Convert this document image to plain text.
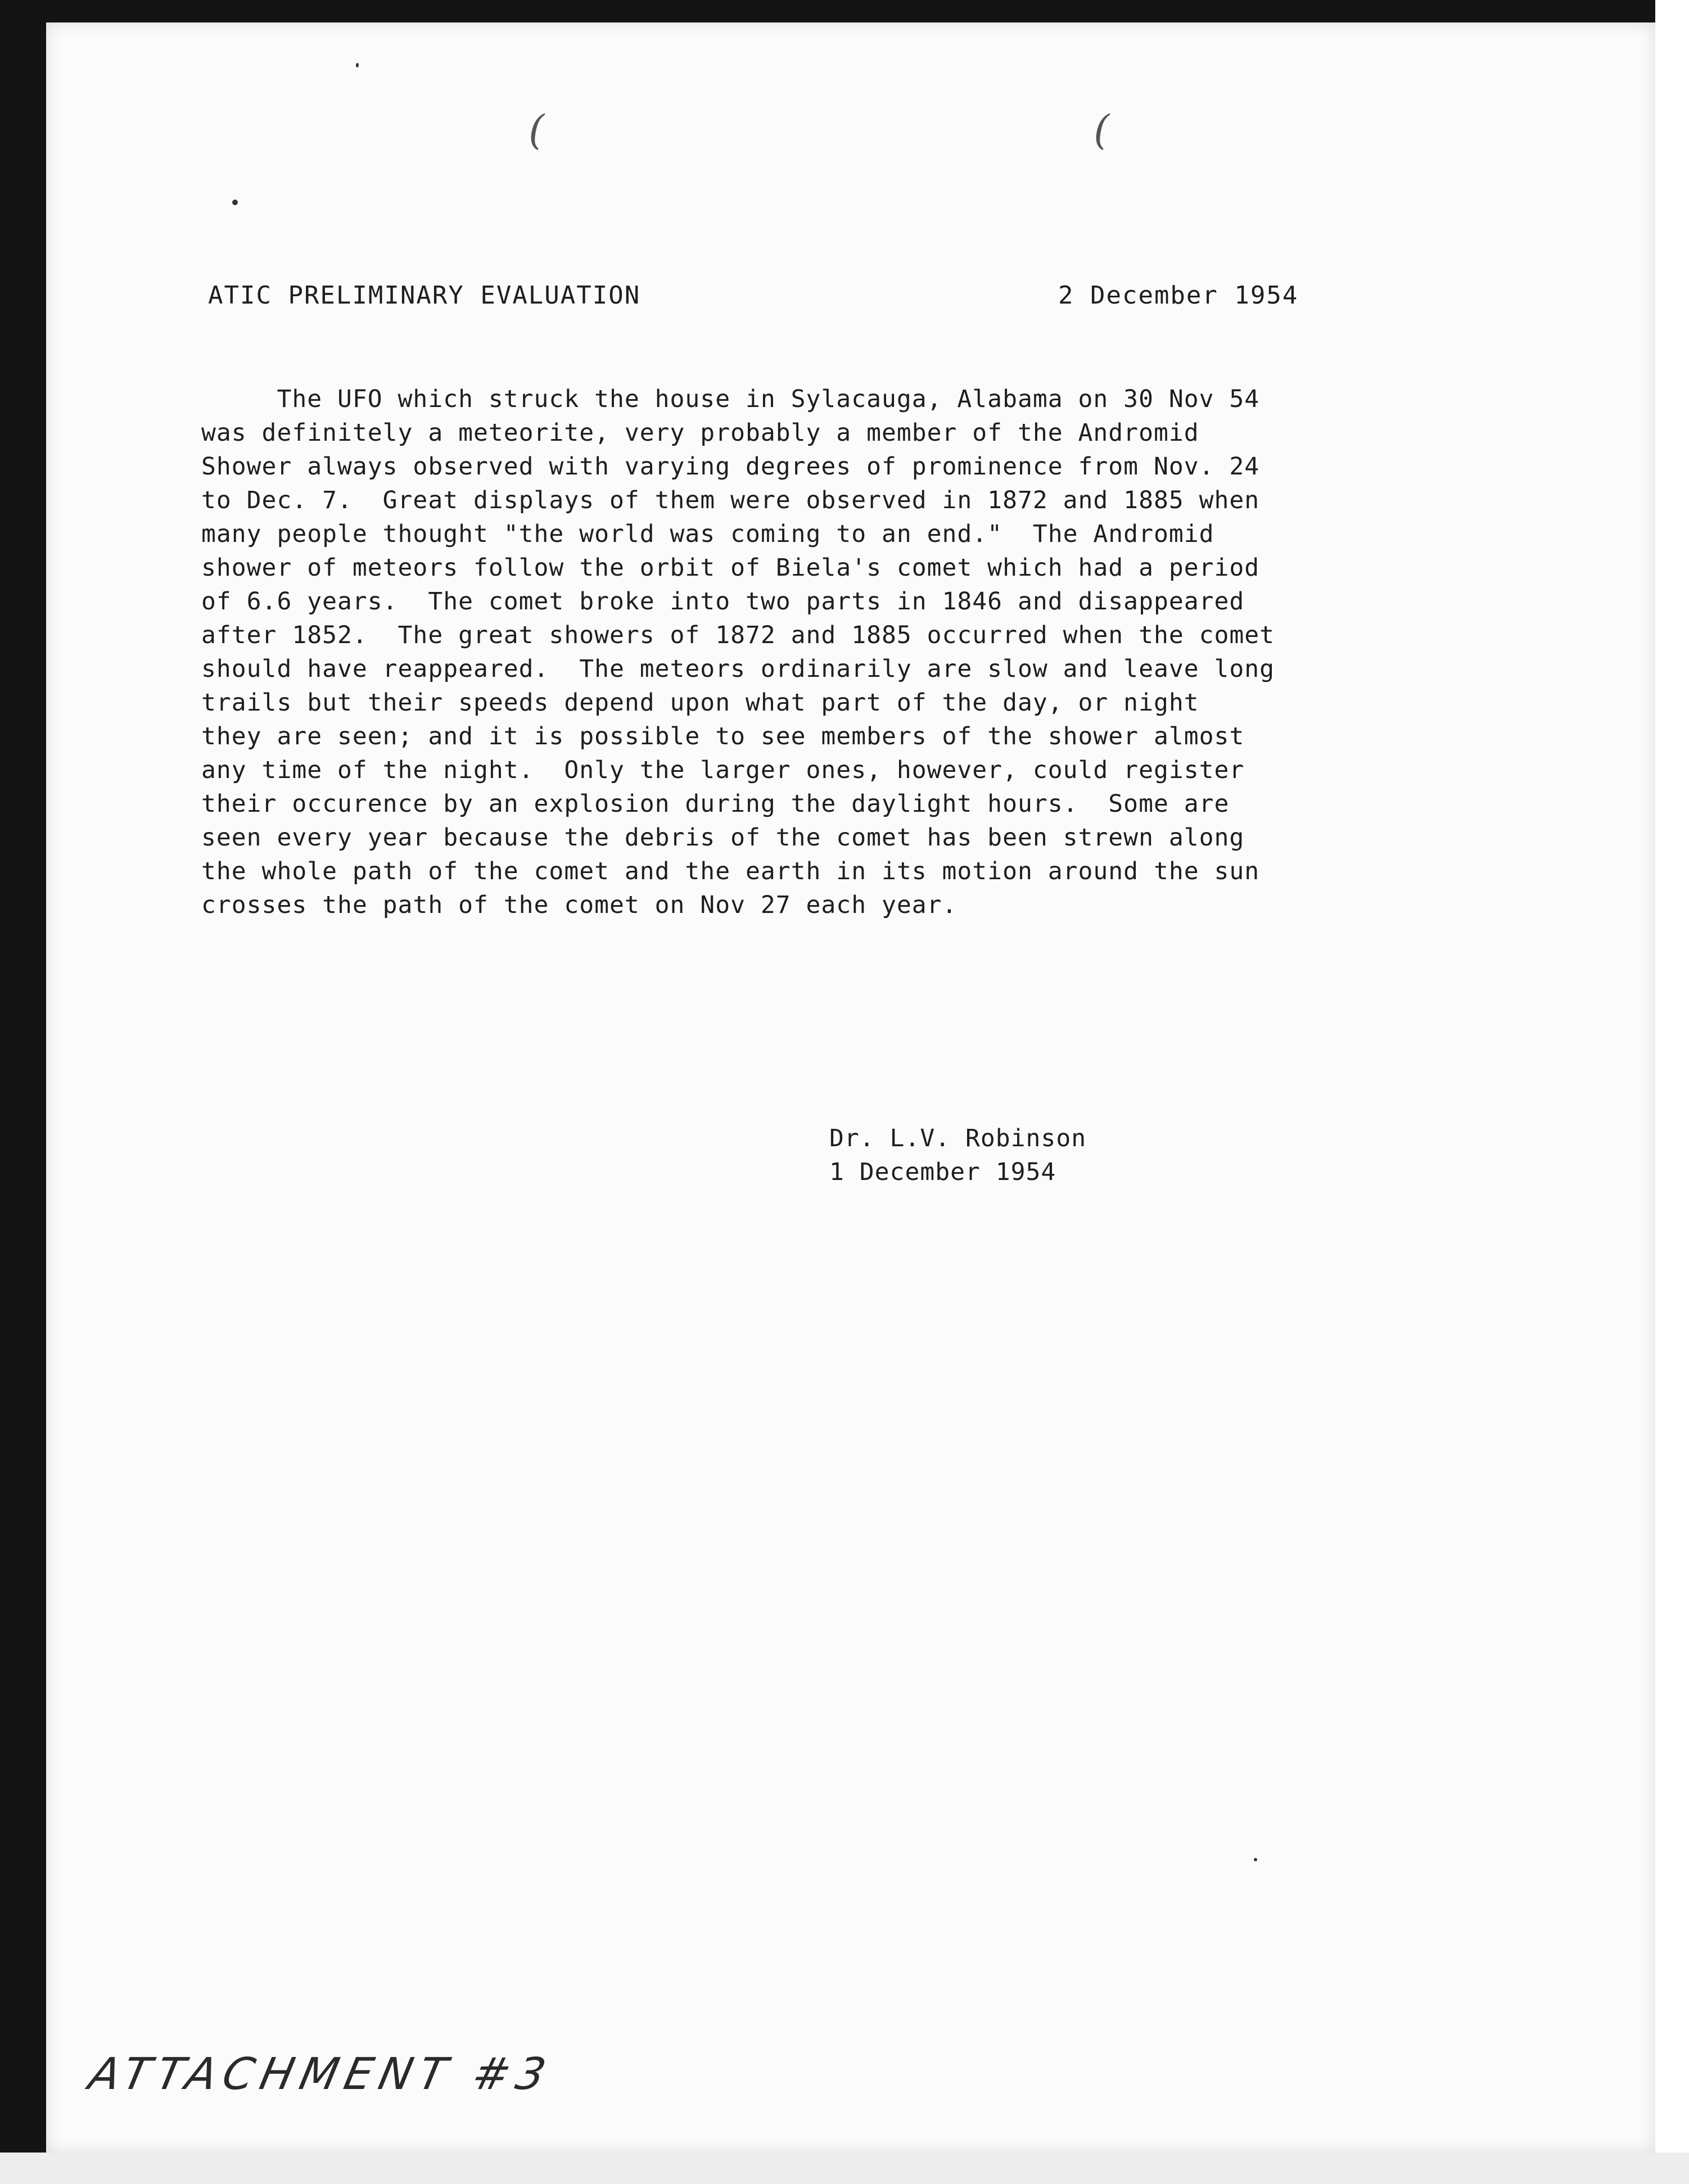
(	(
ATIC PRELIMINARY EVALUATION	2 December 1954
The UFO which struck the house in Sylacauga, Alabama on 30 Nov 54
was definitely a meteorite, very probably a member of the Andromid
Shower always observed with varying degrees of prominence from Nov. 24
to Dec. 7.  Great displays of them were observed in 1872 and 1885 when
many people thought "the world was coming to an end."  The Andromid
shower of meteors follow the orbit of Biela's comet which had a period
of 6.6 years.  The comet broke into two parts in 1846 and disappeared
after 1852.  The great showers of 1872 and 1885 occurred when the comet
should have reappeared.  The meteors ordinarily are slow and leave long
trails but their speeds depend upon what part of the day, or night
they are seen; and it is possible to see members of the shower almost
any time of the night.  Only the larger ones, however, could register
their occurence by an explosion during the daylight hours.  Some are
seen every year because the debris of the comet has been strewn along
the whole path of the comet and the earth in its motion around the sun
crosses the path of the comet on Nov 27 each year.
Dr. L.V. Robinson
1 December 1954
ATTACHMENT #3
